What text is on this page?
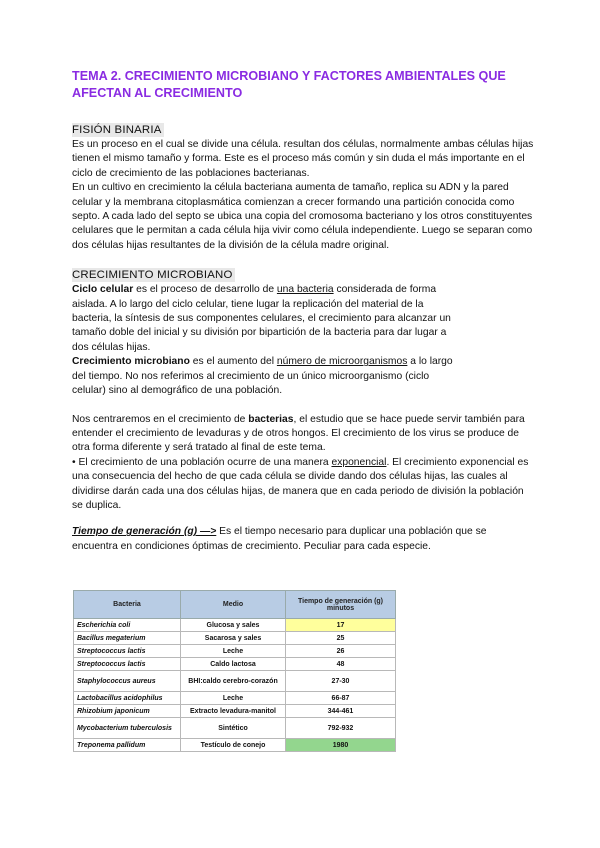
TEMA 2. CRECIMIENTO MICROBIANO Y FACTORES AMBIENTALES QUE AFECTAN AL CRECIMIENTO

FISIÓN BINARIA

Es un proceso en el cual se divide una célula. resultan dos células, normalmente ambas células hijas tienen el mismo tamaño y forma. Este es el proceso más común y sin duda el más importante en el ciclo de crecimiento de las poblaciones bacterianas.

En un cultivo en crecimiento la célula bacteriana aumenta de tamaño, replica su ADN y la pared celular y la membrana citoplasmática comienzan a crecer formando una partición conocida como septo. A cada lado del septo se ubica una copia del cromosoma bacteriano y los otros constituyentes celulares que le permitan a cada célula hija vivir como célula independiente. Luego se separan como dos células hijas resultantes de la división de la célula madre original.

CRECIMIENTO MICROBIANO

Ciclo celular es el proceso de desarrollo de una bacteria considerada de forma aislada. A lo largo del ciclo celular, tiene lugar la replicación del material de la bacteria, la síntesis de sus componentes celulares, el crecimiento para alcanzar un tamaño doble del inicial y su división por bipartición de la bacteria para dar lugar a dos células hijas.

Crecimiento microbiano es el aumento del número de microorganismos a lo largo del tiempo. No nos referimos al crecimiento de un único microorganismo (ciclo celular) sino al demográfico de una población.

Nos centraremos en el crecimiento de bacterias, el estudio que se hace puede servir también para entender el crecimiento de levaduras y de otros hongos. El crecimiento de los virus se produce de otra forma diferente y será tratado al final de este tema.

• El crecimiento de una población ocurre de una manera exponencial. El crecimiento exponencial es una consecuencia del hecho de que cada célula se divide dando dos células hijas, las cuales al dividirse darán cada una dos células hijas, de manera que en cada periodo de división la población se duplica.

Tiempo de generación (g) —> Es el tiempo necesario para duplicar una población que se encuentra en condiciones óptimas de crecimiento. Peculiar para cada especie.

Bacteria	Medio	Tiempo de generación (g) minutos
Escherichia coli	Glucosa y sales	17
Bacillus megaterium	Sacarosa y sales	25
Streptococcus lactis	Leche	26
Streptococcus lactis	Caldo lactosa	48
Staphylococcus aureus	BHI:caldo cerebro-corazón	27-30
Lactobacillus acidophilus	Leche	66-87
Rhizobium japonicum	Extracto levadura-manitol	344-461
Mycobacterium tuberculosis	Sintético	792-932
Treponema pallidum	Testículo de conejo	1980
